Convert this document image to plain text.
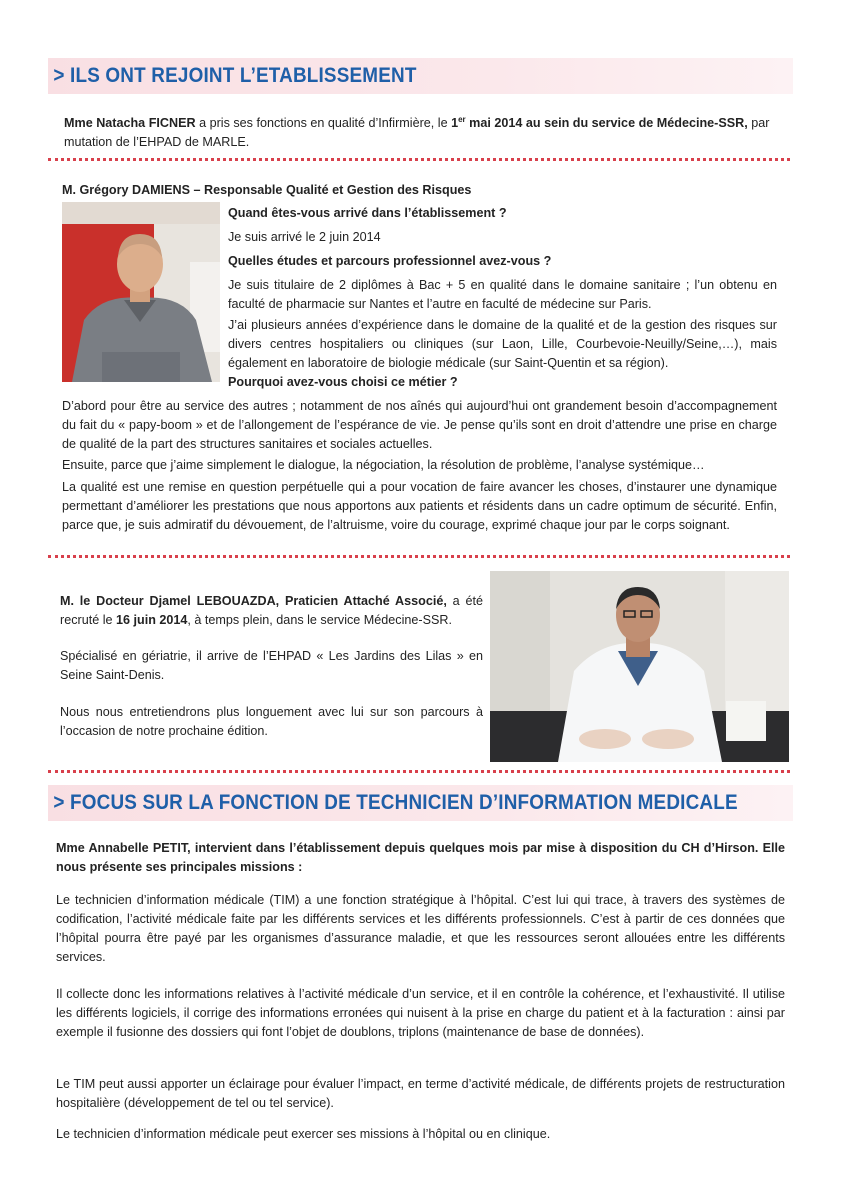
> ILS ONT REJOINT L’ETABLISSEMENT

Mme Natacha FICNER a pris ses fonctions en qualité d’Infirmière, le 1er mai 2014 au sein du service de Médecine-SSR, par mutation de l’EHPAD de MARLE.

M. Grégory DAMIENS – Responsable Qualité et Gestion des Risques

Quand êtes-vous arrivé dans l’établissement ?

Je suis arrivé le 2 juin 2014

Quelles études et parcours professionnel avez-vous ?

Je suis titulaire de 2 diplômes à Bac + 5 en qualité dans le domaine sanitaire ; l’un obtenu en faculté de pharmacie sur Nantes et l’autre en faculté de médecine sur Paris.

J’ai plusieurs années d’expérience dans le domaine de la qualité et de la gestion des risques sur divers centres hospitaliers ou cliniques (sur Laon, Lille, Courbevoie-Neuilly/Seine,…), mais également en laboratoire de biologie médicale (sur Saint-Quentin et sa région).

Pourquoi avez-vous choisi ce métier ?

D’abord pour être au service des autres ; notamment de nos aînés qui aujourd’hui ont grandement besoin d’accompagnement du fait du « papy-boom » et de l’allongement de l’espérance de vie. Je pense qu’ils sont en droit d’attendre une prise en charge de qualité de la part des structures sanitaires et sociales actuelles.

Ensuite, parce que j’aime simplement le dialogue, la négociation, la résolution de problème, l’analyse systémique…

La qualité est une remise en question perpétuelle qui a pour vocation de faire avancer les choses, d’instaurer une dynamique permettant d’améliorer les prestations que nous apportons aux patients et résidents dans un cadre optimum de sécurité. Enfin, parce que, je suis admiratif du dévouement, de l’altruisme, voire du courage, exprimé chaque jour par le corps soignant.

M. le Docteur Djamel LEBOUAZDA, Praticien Attaché Associé, a été recruté le 16 juin 2014, à temps plein, dans le service Médecine-SSR.

Spécialisé en gériatrie, il arrive de l’EHPAD « Les Jardins des Lilas » en Seine Saint-Denis.

Nous nous entretiendrons plus longuement avec lui sur son parcours à l’occasion de notre prochaine édition.

> FOCUS SUR LA FONCTION DE TECHNICIEN D’INFORMATION MEDICALE

Mme Annabelle PETIT, intervient dans l’établissement depuis quelques mois par mise à disposition du CH d’Hirson. Elle nous présente ses principales missions :

Le technicien d’information médicale (TIM) a une fonction stratégique à l’hôpital. C’est lui qui trace, à travers des systèmes de codification, l’activité médicale faite par les différents services et les différents professionnels. C’est à partir de ces données que l’hôpital pourra être payé par les organismes d’assurance maladie, et que les ressources seront allouées entre les différents services.

Il collecte donc les informations relatives à l’activité médicale d’un service, et il en contrôle la cohérence, et l’exhaustivité. Il utilise les différents logiciels, il corrige des informations erronées qui nuisent à la prise en charge du patient et à la facturation : ainsi par exemple il fusionne des dossiers qui font l’objet de doublons, triplons (maintenance de base de données).

Le TIM peut aussi apporter un éclairage pour évaluer l’impact, en terme d’activité médicale, de différents projets de restructuration hospitalière (développement de tel ou tel service).

Le technicien d’information médicale peut exercer ses missions à l’hôpital ou en clinique.
